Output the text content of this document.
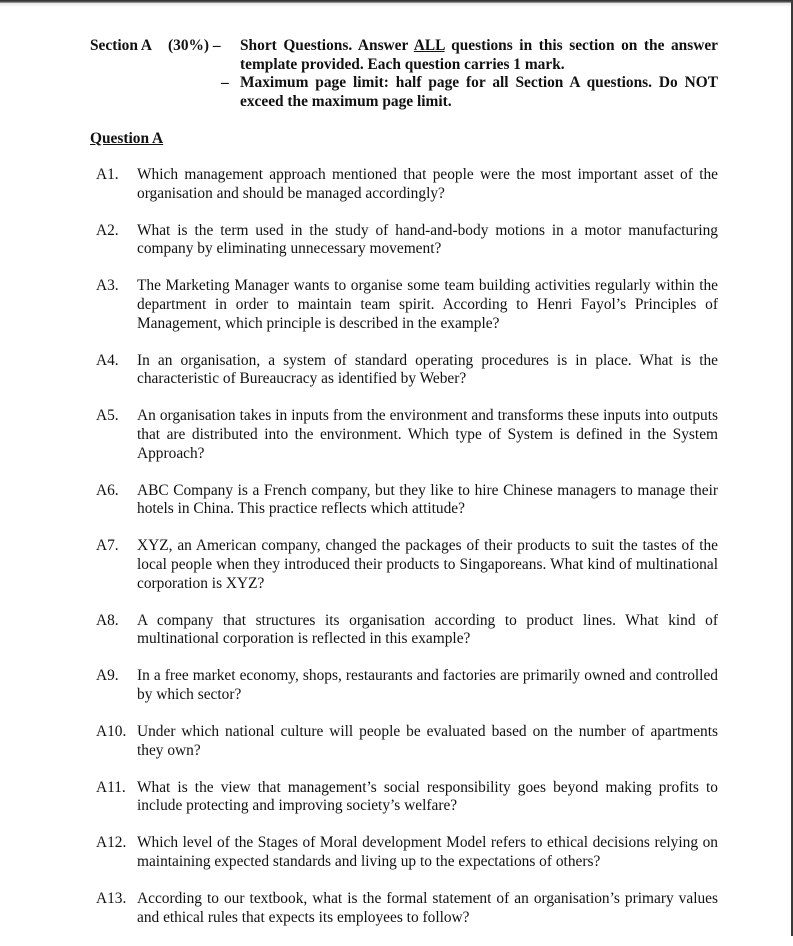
Section A	(30%) – Short Questions. Answer ALL questions in this section on the answer template provided. Each question carries 1 mark.
– Maximum page limit: half page for all Section A questions. Do NOT exceed the maximum page limit.
Question A
A1.	Which management approach mentioned that people were the most important asset of the organisation and should be managed accordingly?
A2.	What is the term used in the study of hand-and-body motions in a motor manufacturing company by eliminating unnecessary movement?
A3.	The Marketing Manager wants to organise some team building activities regularly within the department in order to maintain team spirit. According to Henri Fayol’s Principles of Management, which principle is described in the example?
A4.	In an organisation, a system of standard operating procedures is in place. What is the characteristic of Bureaucracy as identified by Weber?
A5.	An organisation takes in inputs from the environment and transforms these inputs into outputs that are distributed into the environment. Which type of System is defined in the System Approach?
A6.	ABC Company is a French company, but they like to hire Chinese managers to manage their hotels in China. This practice reflects which attitude?
A7.	XYZ, an American company, changed the packages of their products to suit the tastes of the local people when they introduced their products to Singaporeans. What kind of multinational corporation is XYZ?
A8.	A company that structures its organisation according to product lines. What kind of multinational corporation is reflected in this example?
A9.	In a free market economy, shops, restaurants and factories are primarily owned and controlled by which sector?
A10. Under which national culture will people be evaluated based on the number of apartments they own?
A11. What is the view that management’s social responsibility goes beyond making profits to include protecting and improving society’s welfare?
A12. Which level of the Stages of Moral development Model refers to ethical decisions relying on maintaining expected standards and living up to the expectations of others?
A13. According to our textbook, what is the formal statement of an organisation’s primary values and ethical rules that expects its employees to follow?
